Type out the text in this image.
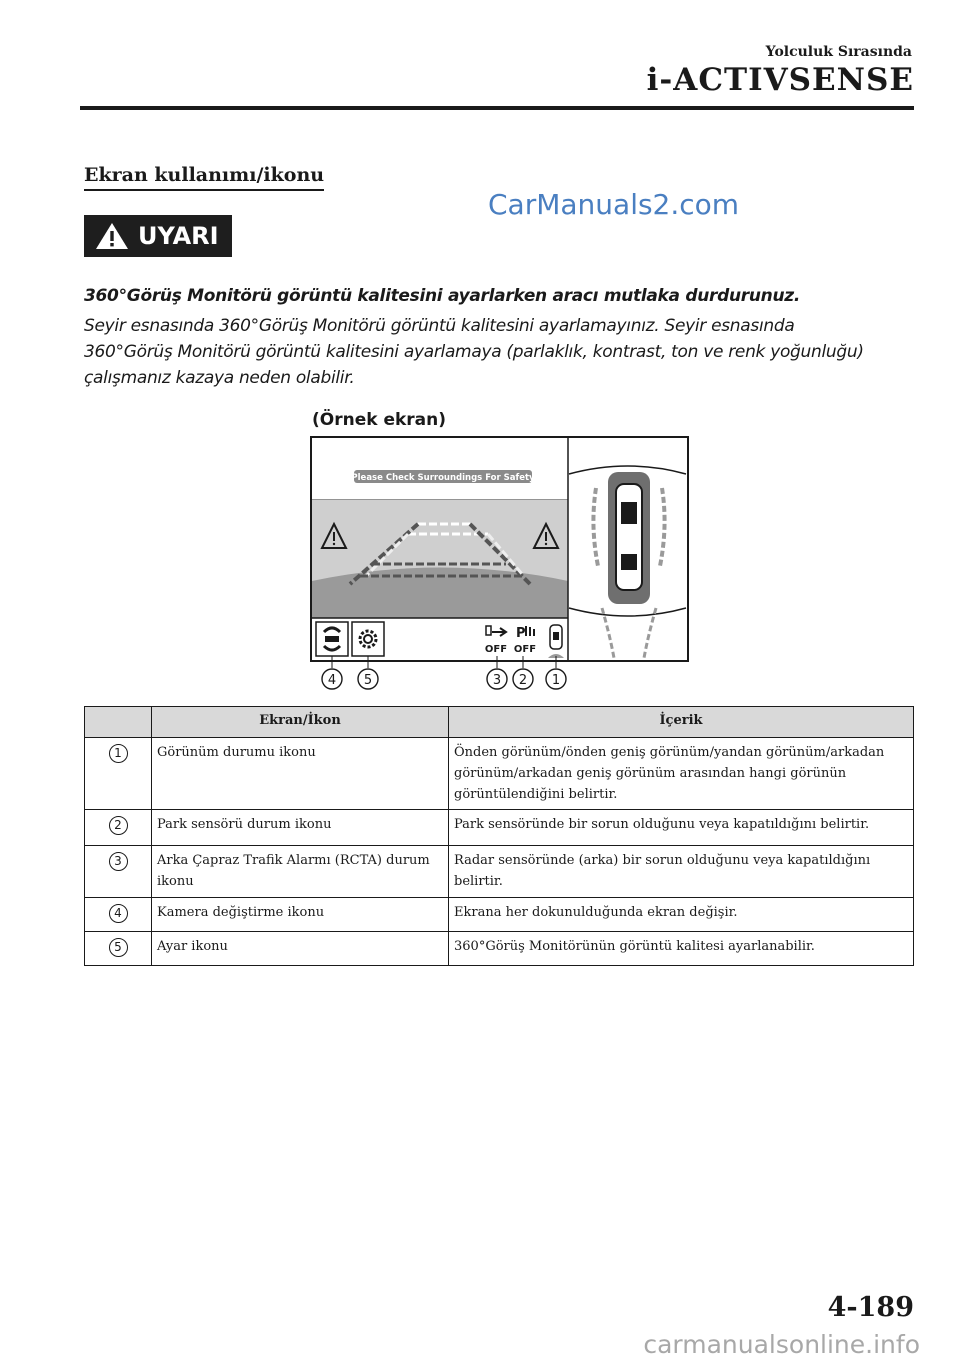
Yolculuk Sırasında
i-ACTIVSENSE
Ekran kullanımı/ikonu
CarManuals2.com
UYARI
360°Görüş Monitörü görüntü kalitesini ayarlarken aracı mutlaka durdurunuz.
Seyir esnasında 360°Görüş Monitörü görüntü kalitesini ayarlamayınız. Seyir esnasında 360°Görüş Monitörü görüntü kalitesini ayarlamaya (parlaklık, kontrast, ton ve renk yoğunluğu) çalışmanız kazaya neden olabilir.
(Örnek ekran)
Please Check Surroundings For Safety
OFF
P
OFF
4 5	3 2 1
	Ekran/İkon	İçerik
1	Görünüm durumu ikonu	Önden görünüm/önden geniş görünüm/yandan görünüm/arkadan görünüm/arkadan geniş görünüm arasından hangi görünün görüntülendiğini belirtir.
2	Park sensörü durum ikonu	Park sensöründe bir sorun olduğunu veya kapatıldığını belirtir.
3	Arka Çapraz Trafik Alarmı (RCTA) durum ikonu	Radar sensöründe (arka) bir sorun olduğunu veya kapatıldığını belirtir.
4	Kamera değiştirme ikonu	Ekrana her dokunulduğunda ekran değişir.
5	Ayar ikonu	360°Görüş Monitörünün görüntü kalitesi ayarlanabilir.
4-189
carmanualsonline.info
